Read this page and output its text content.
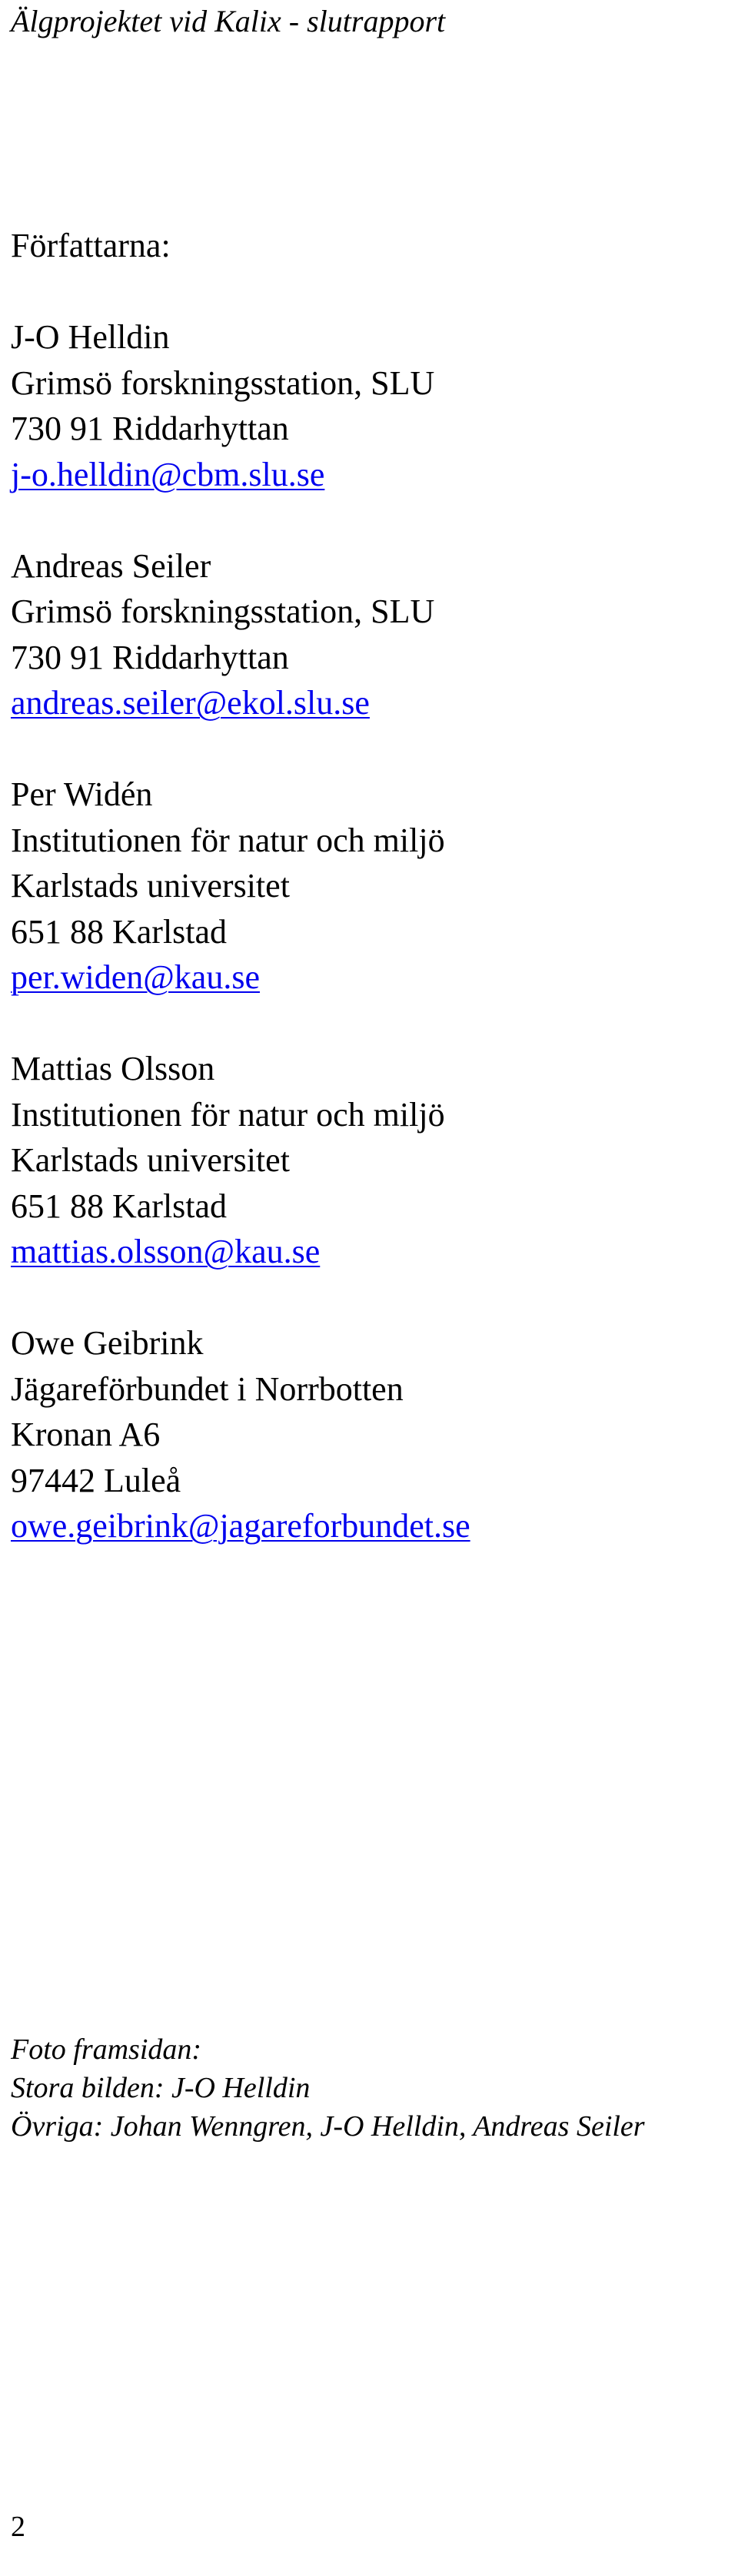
Älgprojektet vid Kalix - slutrapport
Författarna:
J-O Helldin
Grimsö forskningsstation, SLU
730 91 Riddarhyttan
j-o.helldin@cbm.slu.se
Andreas Seiler
Grimsö forskningsstation, SLU
730 91 Riddarhyttan
andreas.seiler@ekol.slu.se
Per Widén
Institutionen för natur och miljö
Karlstads universitet
651 88 Karlstad
per.widen@kau.se
Mattias Olsson
Institutionen för natur och miljö
Karlstads universitet
651 88 Karlstad
mattias.olsson@kau.se
Owe Geibrink
Jägareförbundet i Norrbotten
Kronan A6
97442 Luleå
owe.geibrink@jagareforbundet.se
Foto framsidan:
Stora bilden: J-O Helldin
Övriga: Johan Wenngren, J-O Helldin, Andreas Seiler
2
